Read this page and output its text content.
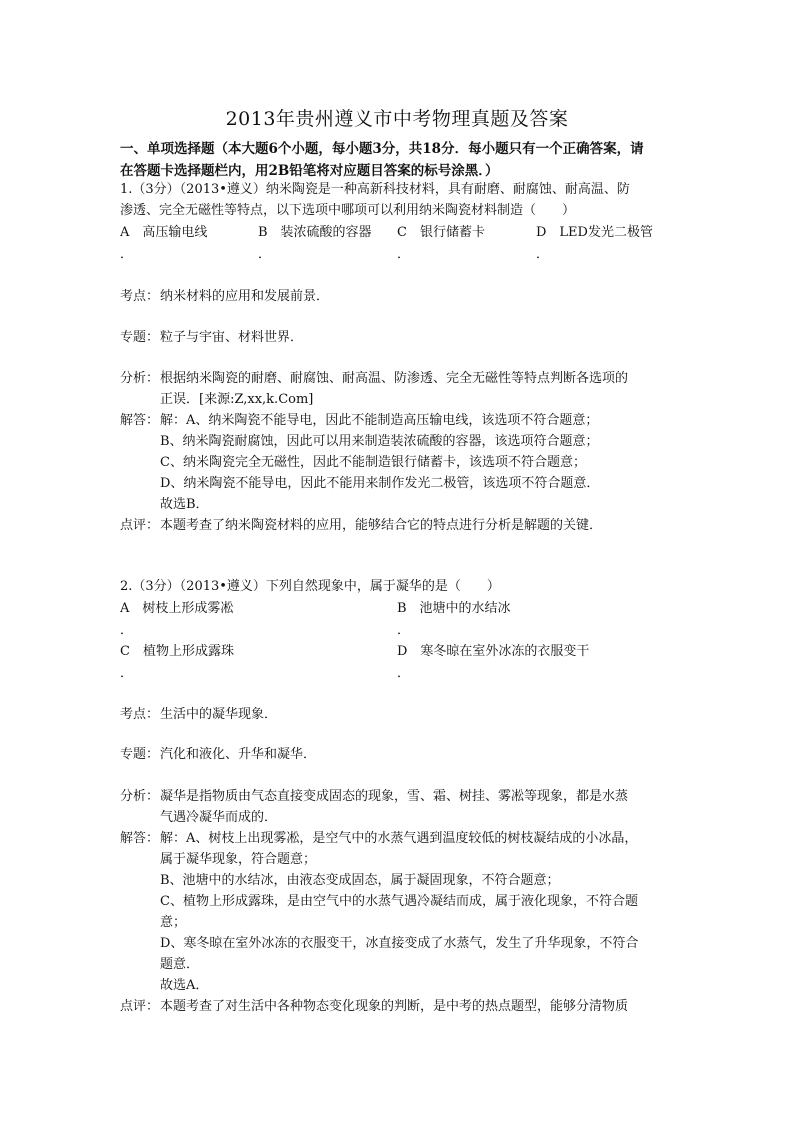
2013年贵州遵义市中考物理真题及答案
一、单项选择题（本大题6个小题，每小题3分，共18分．每小题只有一个正确答案，请
在答题卡选择题栏内，用2B铅笔将对应题目答案的标号涂黑．）
1.（3分）（2013•遵义）纳米陶瓷是一种高新科技材料，具有耐磨、耐腐蚀、耐高温、防
渗透、完全无磁性等特点，以下选项中哪项可以利用纳米陶瓷材料制造（　　）
A　高压输电线	B　装浓硫酸的容器 C　银行储蓄卡	D　LED发光二极管
．	．	．	．
考点： 纳米材料的应用和发展前景．
专题： 粒子与宇宙、材料世界．
分析： 根据纳米陶瓷的耐磨、耐腐蚀、耐高温、防渗透、完全无磁性等特点判断各选项的
正误．[来源:Z,xx,k.Com]
解答： 解：A、纳米陶瓷不能导电，因此不能制造高压输电线，该选项不符合题意；
B、纳米陶瓷耐腐蚀，因此可以用来制造装浓硫酸的容器，该选项符合题意；
C、纳米陶瓷完全无磁性，因此不能制造银行储蓄卡，该选项不符合题意；
D、纳米陶瓷不能导电，因此不能用来制作发光二极管，该选项不符合题意．
故选B．
点评： 本题考查了纳米陶瓷材料的应用，能够结合它的特点进行分析是解题的关键．
2.（3分）（2013•遵义）下列自然现象中，属于凝华的是（　　）
A　树枝上形成雾凇	B　池塘中的水结冰
．	．
C　植物上形成露珠	D　寒冬晾在室外冰冻的衣服变干
．	．
考点： 生活中的凝华现象．
专题： 汽化和液化、升华和凝华．
分析： 凝华是指物质由气态直接变成固态的现象，雪、霜、树挂、雾凇等现象，都是水蒸
气遇冷凝华而成的．
解答： 解：A、树枝上出现雾凇，是空气中的水蒸气遇到温度较低的树枝凝结成的小冰晶，
属于凝华现象，符合题意；
B、池塘中的水结冰，由液态变成固态，属于凝固现象，不符合题意；
C、植物上形成露珠，是由空气中的水蒸气遇冷凝结而成，属于液化现象，不符合题
意；
D、寒冬晾在室外冰冻的衣服变干，冰直接变成了水蒸气，发生了升华现象，不符合
题意．
故选A．
点评： 本题考查了对生活中各种物态变化现象的判断，是中考的热点题型，能够分清物质
